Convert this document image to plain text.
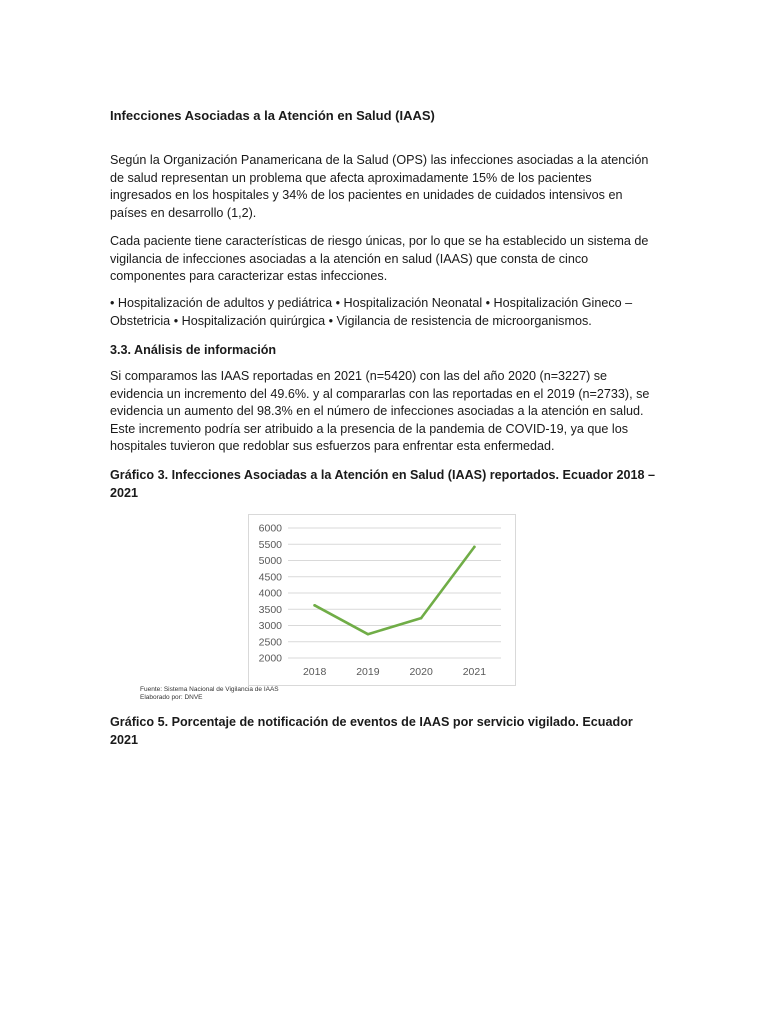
Infecciones Asociadas a la Atención en Salud (IAAS)

Según la Organización Panamericana de la Salud (OPS) las infecciones asociadas a la atención de salud representan un problema que afecta aproximadamente 15% de los pacientes ingresados en los hospitales y 34% de los pacientes en unidades de cuidados intensivos en países en desarrollo (1,2).

Cada paciente tiene características de riesgo únicas, por lo que se ha establecido un sistema de vigilancia de infecciones asociadas a la atención en salud (IAAS) que consta de cinco componentes para caracterizar estas infecciones.

• Hospitalización de adultos y pediátrica • Hospitalización Neonatal • Hospitalización Gineco – Obstetricia • Hospitalización quirúrgica • Vigilancia de resistencia de microorganismos.

3.3. Análisis de información

Si comparamos las IAAS reportadas en 2021 (n=5420) con las del año 2020 (n=3227) se evidencia un incremento del 49.6%. y al compararlas con las reportadas en el 2019 (n=2733), se evidencia un aumento del 98.3% en el número de infecciones asociadas a la atención en salud. Este incremento podría ser atribuido a la presencia de la pandemia de COVID-19, ya que los hospitales tuvieron que redoblar sus esfuerzos para enfrentar esta enfermedad.

Gráfico 3. Infecciones Asociadas a la Atención en Salud (IAAS) reportados. Ecuador 2018 – 2021

Gráfico 5. Porcentaje de notificación de eventos de IAAS por servicio vigilado. Ecuador 2021

2000
2500
3000
3500
4000
4500
5000
5500
6000
2018	2019	2020	2021
Fuente: Sistema Nacional de Vigilancia de IAAS
Elaborado por: DNVE
